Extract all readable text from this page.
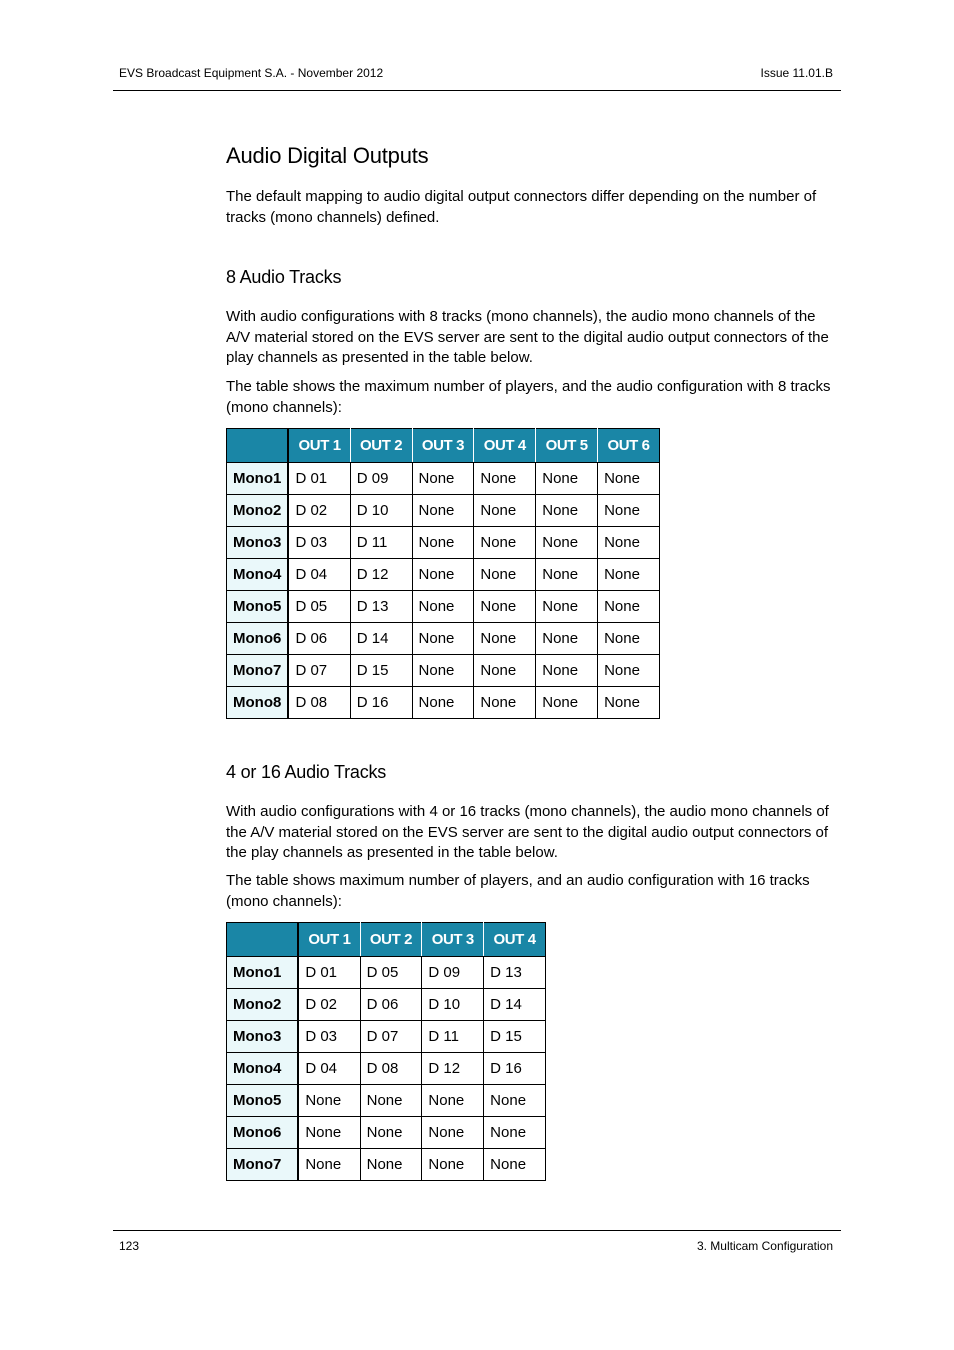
EVS Broadcast Equipment S.A. - November 2012	Issue 11.01.B
Audio Digital Outputs

The default mapping to audio digital output connectors differ depending on the number of tracks (mono channels) defined.

8 Audio Tracks

With audio configurations with 8 tracks (mono channels), the audio mono channels of the A/V material stored on the EVS server are sent to the digital audio output connectors of the play channels as presented in the table below.

The table shows the maximum number of players, and the audio configuration with 8 tracks (mono channels):

	OUT 1	OUT 2	OUT 3	OUT 4	OUT 5	OUT 6
Mono1	D 01	D 09	None	None	None	None
Mono2	D 02	D 10	None	None	None	None
Mono3	D 03	D 11	None	None	None	None
Mono4	D 04	D 12	None	None	None	None
Mono5	D 05	D 13	None	None	None	None
Mono6	D 06	D 14	None	None	None	None
Mono7	D 07	D 15	None	None	None	None
Mono8	D 08	D 16	None	None	None	None
4 or 16 Audio Tracks

With audio configurations with 4 or 16 tracks (mono channels), the audio mono channels of the A/V material stored on the EVS server are sent to the digital audio output connectors of the play channels as presented in the table below.

The table shows maximum number of players, and an audio configuration with 16 tracks (mono channels):

	OUT 1	OUT 2	OUT 3	OUT 4
Mono1	D 01	D 05	D 09	D 13
Mono2	D 02	D 06	D 10	D 14
Mono3	D 03	D 07	D 11	D 15
Mono4	D 04	D 08	D 12	D 16
Mono5	None	None	None	None
Mono6	None	None	None	None
Mono7	None	None	None	None
123	3. Multicam Configuration
